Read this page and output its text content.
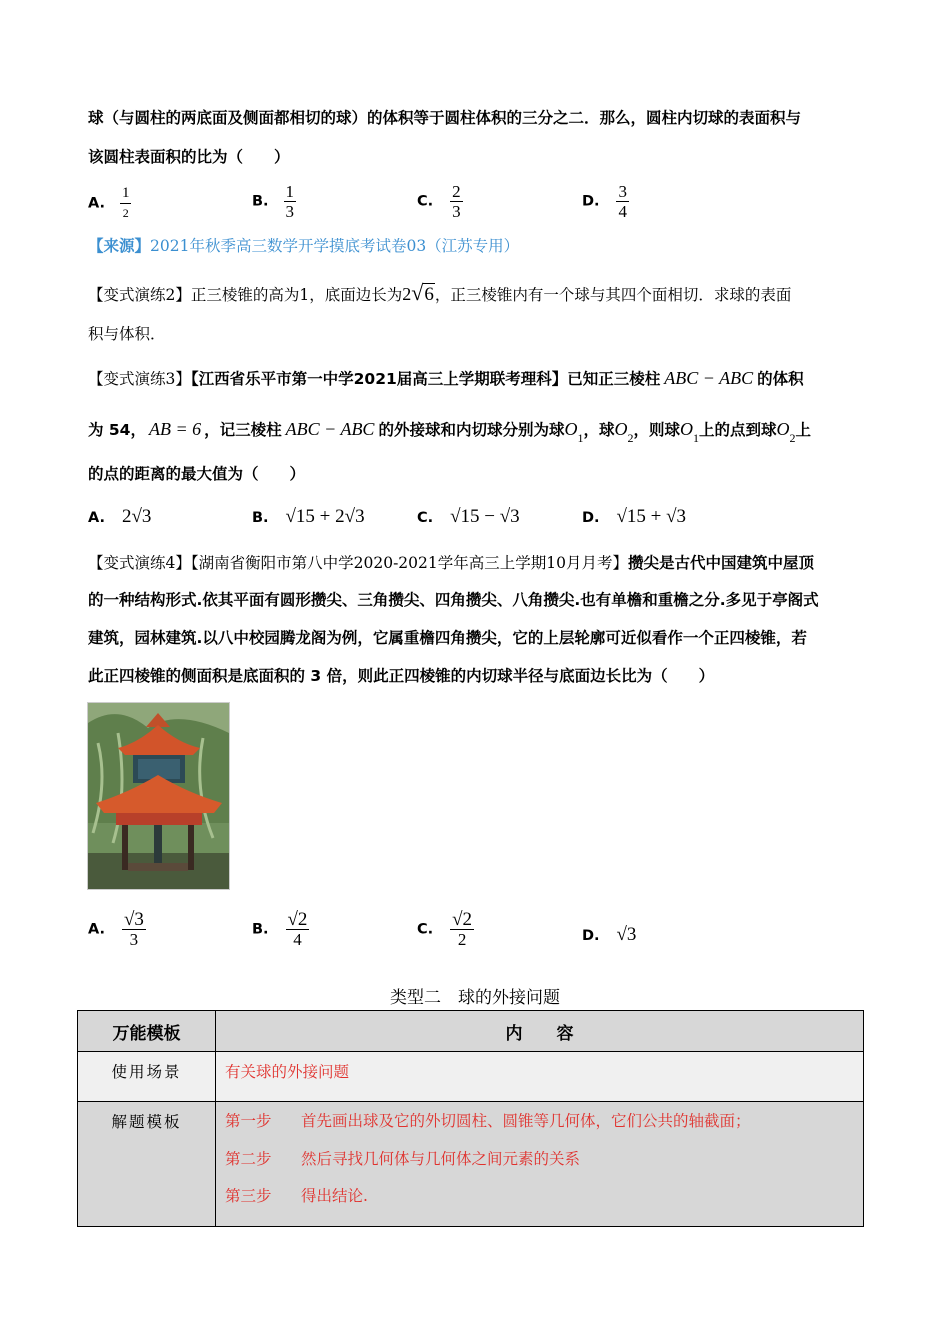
球（与圆柱的两底面及侧面都相切的球）的体积等于圆柱体积的三分之二．那么，圆柱内切球的表面积与
该圆柱表面积的比为（　　）
A. $\frac{1}{2}$	B. $\frac{1}{3}$	C. $\frac{2}{3}$	D. $\frac{3}{4}$
【来源】2021年秋季高三数学开学摸底考试卷03（江苏专用）
【变式演练2】正三棱锥的高为1，底面边长为2√6，正三棱锥内有一个球与其四个面相切．求球的表面
积与体积．
【变式演练3】【江西省乐平市第一中学2021届高三上学期联考理科】已知正三棱柱 ABC − ABC 的体积
为 54， AB = 6 ，记三棱柱 ABC − ABC 的外接球和内切球分别为球$O_1$，球$O_2$，则球$O_1$上的点到球$O_2$上
的点的距离的最大值为（　　）
A. 2√3	B. √15 + 2√3	C. √15 − √3	D. √15 + √3
【变式演练4】【湖南省衡阳市第八中学2020-2021学年高三上学期10月月考】攒尖是古代中国建筑中屋顶
的一种结构形式.依其平面有圆形攒尖、三角攒尖、四角攒尖、八角攒尖.也有单檐和重檐之分.多见于亭阁式
建筑，园林建筑.以八中校园腾龙阁为例，它属重檐四角攒尖，它的上层轮廓可近似看作一个正四棱锥，若
此正四棱锥的侧面积是底面积的 3 倍，则此正四棱锥的内切球半径与底面边长比为（　　）
A. $\frac{√3}{3}$	B. $\frac{√2}{4}$	C. $\frac{√2}{2}$	D. √3
类型二　球的外接问题
万能模板	内　　容
使用场景	有关球的外接问题
解题模板	第一步 首先画出球及它的外切圆柱、圆锥等几何体，它们公共的轴截面；
第二步 然后寻找几何体与几何体之间元素的关系
第三步 得出结论.
